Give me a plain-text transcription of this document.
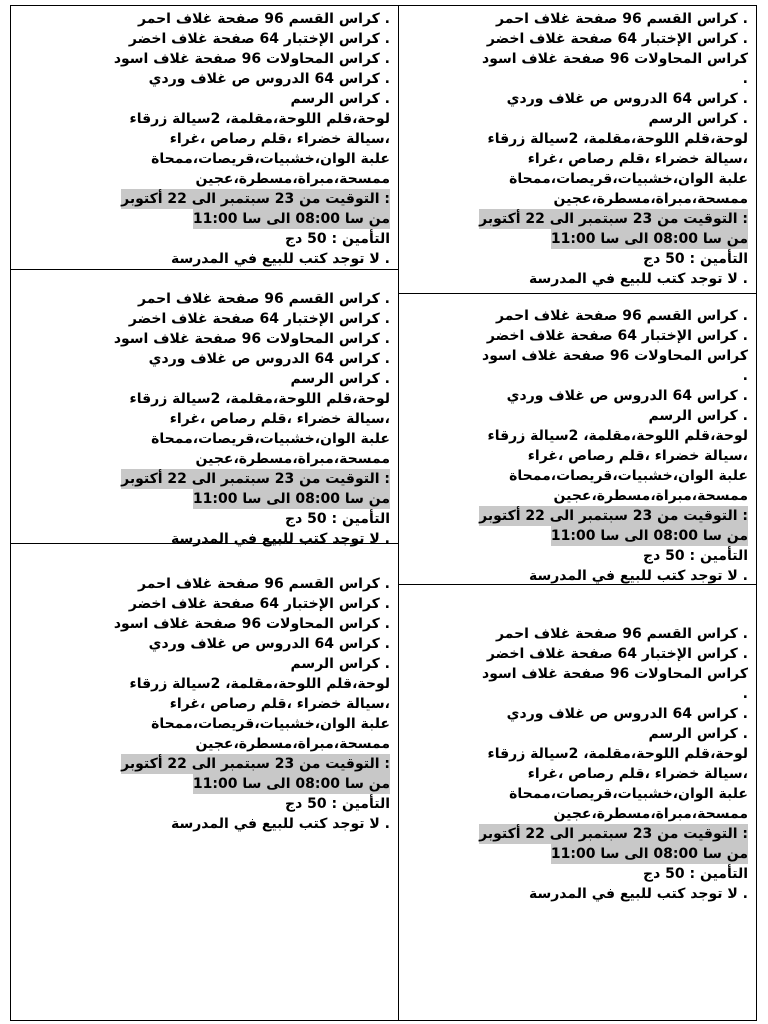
. كراس القسم 96 صفحة غلاف احمر
. كراس الإختبار 64 صفحة غلاف اخضر
. كراس المحاولات 96 صفحة غلاف اسود
. كراس 64 الدروس ص غلاف وردي
. كراس الرسم
لوحة،قلم اللوحة،مقلمة، 2سيالة زرقاء
،سيالة خضراء ،قلم رصاص ،غراء
علبة الوان،خشبيات،قريصات،ممحاة
ممسحة،مبراة،مسطرة،عجين
: التوقيت من 23 سبتمبر الى 22 أكتوبر
من سا 08:00 الى سا 11:00
التأمين : 50 دج
. لا توجد كتب للبيع في المدرسة
. كراس القسم 96 صفحة غلاف احمر
. كراس الإختبار 64 صفحة غلاف اخضر
. كراس المحاولات 96 صفحة غلاف اسود
. كراس 64 الدروس ص غلاف وردي
. كراس الرسم
لوحة،قلم اللوحة،مقلمة، 2سيالة زرقاء
،سيالة خضراء ،قلم رصاص ،غراء
علبة الوان،خشبيات،قريصات،ممحاة
ممسحة،مبراة،مسطرة،عجين
: التوقيت من 23 سبتمبر الى 22 أكتوبر
من سا 08:00 الى سا 11:00
التأمين : 50 دج
. لا توجد كتب للبيع في المدرسة
. كراس القسم 96 صفحة غلاف احمر
. كراس الإختبار 64 صفحة غلاف اخضر
. كراس المحاولات 96 صفحة غلاف اسود
. كراس 64 الدروس ص غلاف وردي
. كراس الرسم
لوحة،قلم اللوحة،مقلمة، 2سيالة زرقاء
،سيالة خضراء ،قلم رصاص ،غراء
علبة الوان،خشبيات،قريصات،ممحاة
ممسحة،مبراة،مسطرة،عجين
: التوقيت من 23 سبتمبر الى 22 أكتوبر
من سا 08:00 الى سا 11:00
التأمين : 50 دج
. لا توجد كتب للبيع في المدرسة
. كراس القسم 96 صفحة غلاف احمر
. كراس الإختبار 64 صفحة غلاف اخضر
كراس المحاولات 96 صفحة غلاف اسود
.
. كراس 64 الدروس ص غلاف وردي
. كراس الرسم
لوحة،قلم اللوحة،مقلمة، 2سيالة زرقاء
،سيالة خضراء ،قلم رصاص ،غراء
علبة الوان،خشبيات،قريصات،ممحاة
ممسحة،مبراة،مسطرة،عجين
: التوقيت من 23 سبتمبر الى 22 أكتوبر
من سا 08:00 الى سا 11:00
التأمين : 50 دج
. لا توجد كتب للبيع في المدرسة
. كراس القسم 96 صفحة غلاف احمر
. كراس الإختبار 64 صفحة غلاف اخضر
كراس المحاولات 96 صفحة غلاف اسود
.
. كراس 64 الدروس ص غلاف وردي
. كراس الرسم
لوحة،قلم اللوحة،مقلمة، 2سيالة زرقاء
،سيالة خضراء ،قلم رصاص ،غراء
علبة الوان،خشبيات،قريصات،ممحاة
ممسحة،مبراة،مسطرة،عجين
: التوقيت من 23 سبتمبر الى 22 أكتوبر
من سا 08:00 الى سا 11:00
التأمين : 50 دج
. لا توجد كتب للبيع في المدرسة
. كراس القسم 96 صفحة غلاف احمر
. كراس الإختبار 64 صفحة غلاف اخضر
كراس المحاولات 96 صفحة غلاف اسود
.
. كراس 64 الدروس ص غلاف وردي
. كراس الرسم
لوحة،قلم اللوحة،مقلمة، 2سيالة زرقاء
،سيالة خضراء ،قلم رصاص ،غراء
علبة الوان،خشبيات،قريصات،ممحاة
ممسحة،مبراة،مسطرة،عجين
: التوقيت من 23 سبتمبر الى 22 أكتوبر
من سا 08:00 الى سا 11:00
التأمين : 50 دج
. لا توجد كتب للبيع في المدرسة
